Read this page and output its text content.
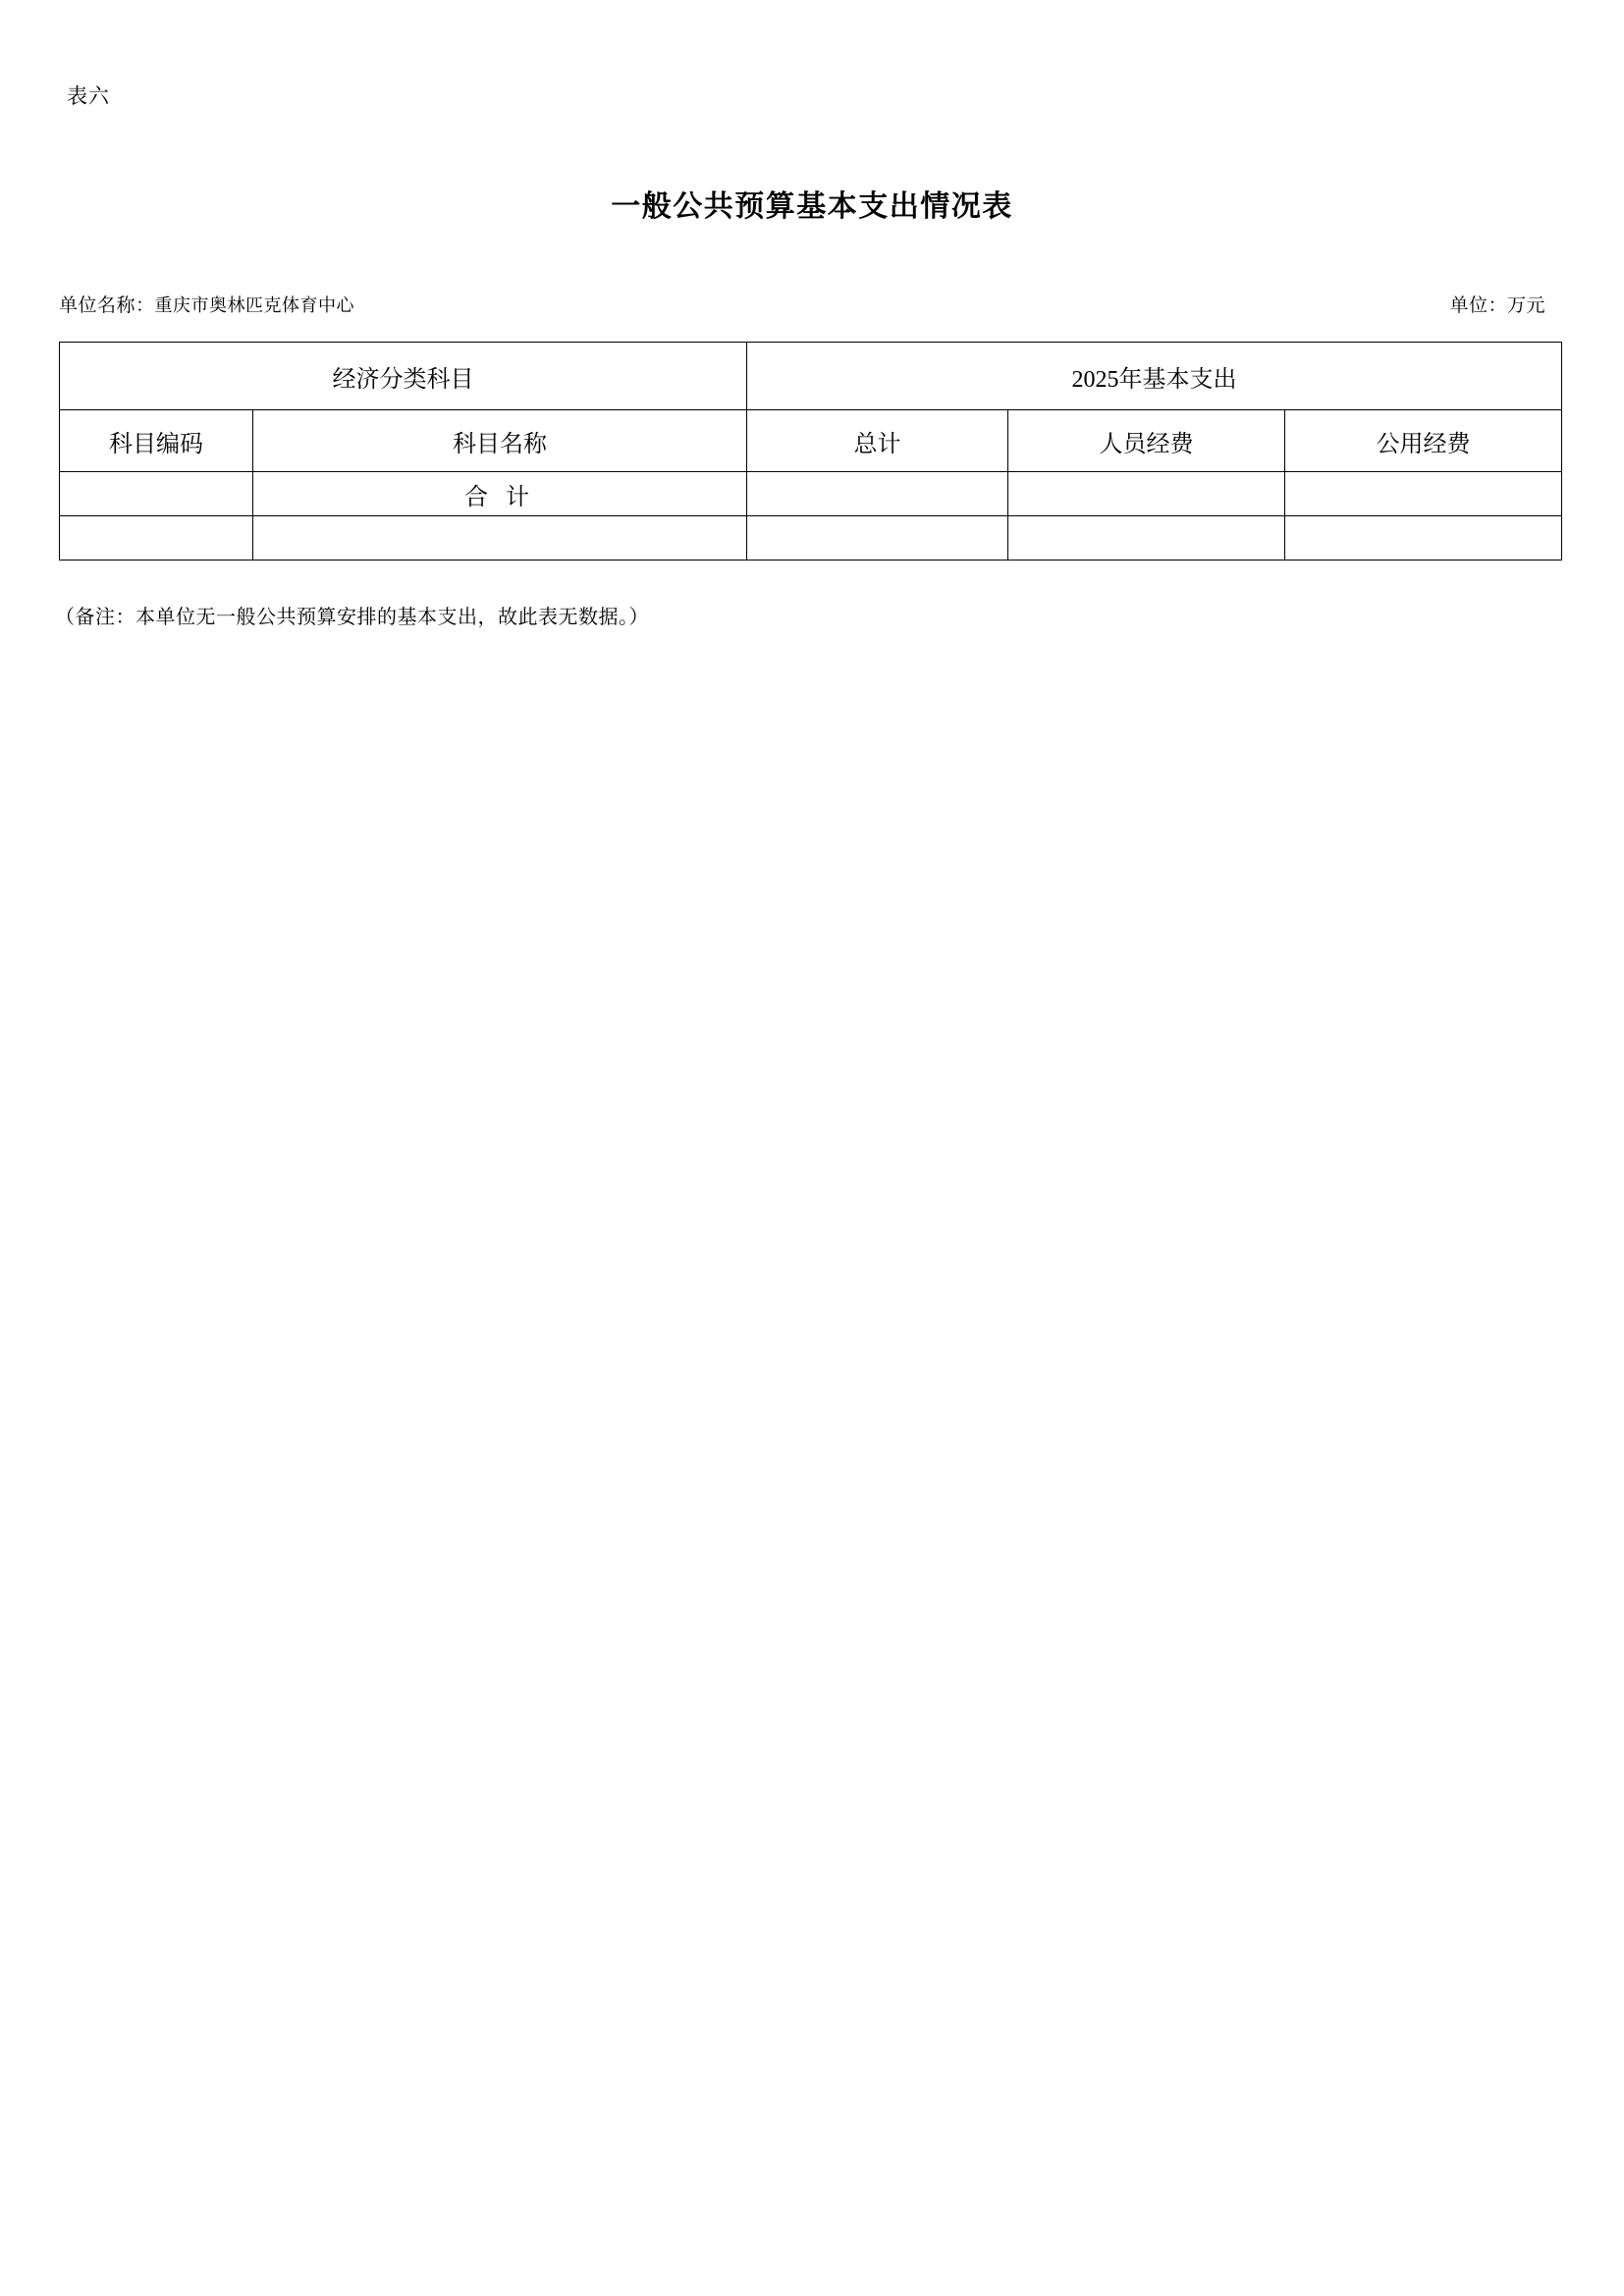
表六
一般公共预算基本支出情况表
单位名称：重庆市奥林匹克体育中心	单位：万元
经济分类科目		2025年基本支出		
科目编码	科目名称	总计	人员经费	公用经费
	合 计			

（备注：本单位无一般公共预算安排的基本支出，故此表无数据。）
